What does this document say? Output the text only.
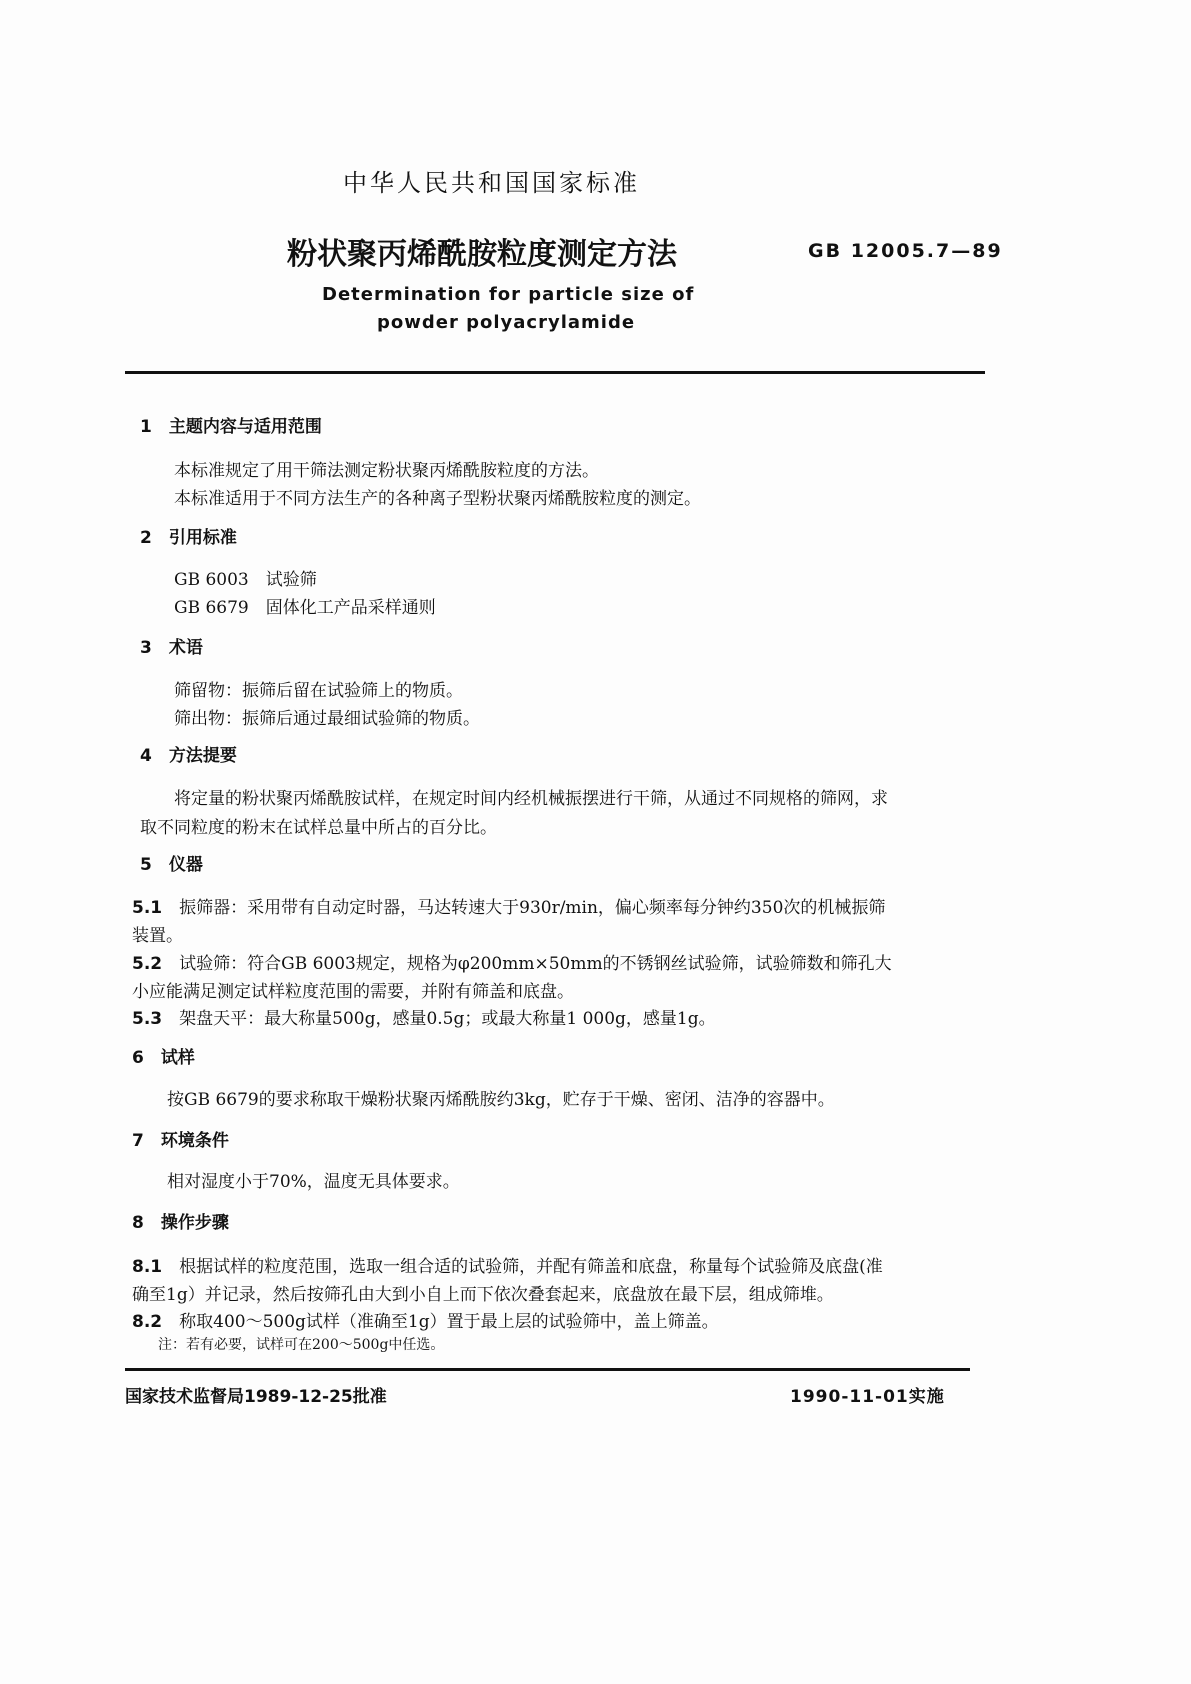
中华人民共和国国家标准
粉状聚丙烯酰胺粒度测定方法	GB 12005.7—89
Determination for particle size of
powder polyacrylamide
1　 主题内容与适用范围
本标准规定了用干筛法测定粉状聚丙烯酰胺粒度的方法。
本标准适用于不同方法生产的各种离子型粉状聚丙烯酰胺粒度的测定。
2　 引用标准
GB 6003　试验筛
GB 6679　固体化工产品采样通则
3　 术语
筛留物：振筛后留在试验筛上的物质。
筛出物：振筛后通过最细试验筛的物质。
4　 方法提要
将定量的粉状聚丙烯酰胺试样，在规定时间内经机械振摆进行干筛，从通过不同规格的筛网，求
取不同粒度的粉末在试样总量中所占的百分比。
5　 仪器
5.1　 振筛器：采用带有自动定时器，马达转速大于930r/min，偏心频率每分钟约350次的机械振筛
装置。
5.2　 试验筛：符合GB 6003规定，规格为φ200mm×50mm的不锈钢丝试验筛，试验筛数和筛孔大
小应能满足测定试样粒度范围的需要，并附有筛盖和底盘。
5.3　 架盘天平：最大称量500g，感量0.5g；或最大称量1 000g，感量1g。
6　 试样
按GB 6679的要求称取干燥粉状聚丙烯酰胺约3kg，贮存于干燥、密闭、洁净的容器中。
7　 环境条件
相对湿度小于70%，温度无具体要求。
8　 操作步骤
8.1　 根据试样的粒度范围，选取一组合适的试验筛，并配有筛盖和底盘，称量每个试验筛及底盘(准
确至1g）并记录，然后按筛孔由大到小自上而下依次叠套起来，底盘放在最下层，组成筛堆。
8.2　 称取400～500g试样（准确至1g）置于最上层的试验筛中，盖上筛盖。
注：若有必要，试样可在200～500g中任选。
国家技术监督局1989-12-25批准	1990-11-01实施
